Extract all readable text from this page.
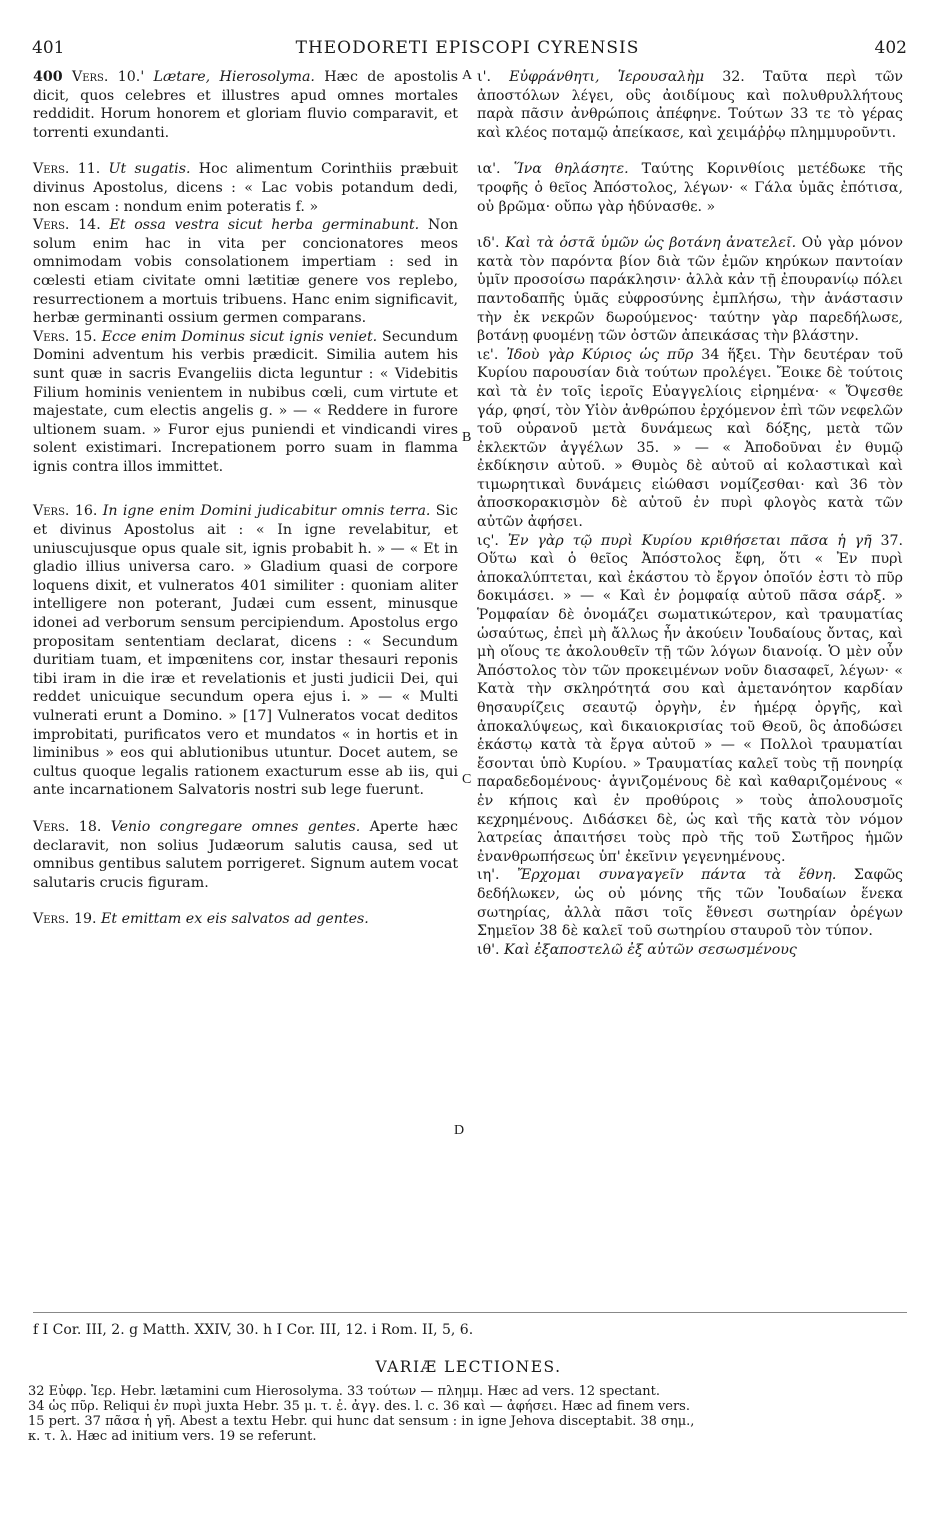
401	THEODORETI EPISCOPI CYRENSIS	402

400 Vers. 10.' Lætare, Hierosolyma. Hæc de apostolis dicit, quos celebres et illustres apud omnes mortales reddidit. Horum honorem et gloriam fluvio comparavit, et torrenti exundanti.

Vers. 11. Ut sugatis. Hoc alimentum Corinthiis præbuit divinus Apostolus, dicens : « Lac vobis potandum dedi, non escam : nondum enim poteratis f. »

Vers. 14. Et ossa vestra sicut herba germinabunt. Non solum enim hac in vita per concionatores meos omnimodam vobis consolationem impertiam : sed in cœlesti etiam civitate omni lætitiæ genere vos replebo, resurrectionem a mortuis tribuens. Hanc enim significavit, herbæ germinanti ossium germen comparans.

Vers. 15. Ecce enim Dominus sicut ignis veniet. Secundum Domini adventum his verbis prædicit. Similia autem his sunt quæ in sacris Evangeliis dicta leguntur : « Videbitis Filium hominis venientem in nubibus cœli, cum virtute et majestate, cum electis angelis g. » — « Reddere in furore ultionem suam. » Furor ejus puniendi et vindicandi vires solent existimari. Increpationem porro suam in flamma ignis contra illos immittet.

Vers. 16. In igne enim Domini judicabitur omnis terra. Sic et divinus Apostolus ait : « In igne revelabitur, et uniuscujusque opus quale sit, ignis probabit h. » — « Et in gladio illius universa caro. » Gladium quasi de corpore loquens dixit, et vulneratos 401 similiter : quoniam aliter intelligere non poterant, Judæi cum essent, minusque idonei ad verborum sensum percipiendum. Apostolus ergo propositam sententiam declarat, dicens : « Secundum duritiam tuam, et impœnitens cor, instar thesauri reponis tibi iram in die iræ et revelationis et justi judicii Dei, qui reddet unicuique secundum opera ejus i. » — « Multi vulnerati erunt a Domino. » [17] Vulneratos vocat deditos improbitati, purificatos vero et mundatos « in hortis et in liminibus » eos qui ablutionibus utuntur. Docet autem, se cultus quoque legalis rationem exacturum esse ab iis, qui ante incarnationem Salvatoris nostri sub lege fuerunt.

Vers. 18. Venio congregare omnes gentes. Aperte hæc declaravit, non solius Judæorum salutis causa, sed ut omnibus gentibus salutem porrigeret. Signum autem vocat salutaris crucis figuram.

Vers. 19. Et emittam ex eis salvatos ad gentes.

A
B
C
D

ι'. Εὐφράνθητι, Ἱερουσαλὴμ 32. Ταῦτα περὶ τῶν ἀποστόλων λέγει, οὓς ἀοιδίμους καὶ πολυθρυλλήτους παρὰ πᾶσιν ἀνθρώποις ἀπέφηνε. Τούτων 33 τε τὸ γέρας καὶ κλέος ποταμῷ ἀπείκασε, καὶ χειμάῤῥῳ πλημμυροῦντι.

ια'. Ἵνα θηλάσητε. Ταύτης Κορινθίοις μετέδωκε τῆς τροφῆς ὁ θεῖος Ἀπόστολος, λέγων· « Γάλα ὑμᾶς ἐπότισα, οὐ βρῶμα· οὔπω γὰρ ἠδύνασθε. »

ιδ'. Καὶ τὰ ὀστᾶ ὑμῶν ὡς βοτάνη ἀνατελεῖ. Οὐ γὰρ μόνον κατὰ τὸν παρόντα βίον διὰ τῶν ἐμῶν κηρύκων παντοίαν ὑμῖν προσοίσω παράκλησιν· ἀλλὰ κἀν τῇ ἐπουρανίῳ πόλει παντοδαπῆς ὑμᾶς εὐφροσύνης ἐμπλήσω, τὴν ἀνάστασιν τὴν ἐκ νεκρῶν δωρούμενος· ταύτην γὰρ παρεδήλωσε, βοτάνῃ φυομένῃ τῶν ὀστῶν ἀπεικάσας τὴν βλάστην.

ιε'. Ἰδοὺ γὰρ Κύριος ὡς πῦρ 34 ἥξει. Τὴν δευτέραν τοῦ Κυρίου παρουσίαν διὰ τούτων προλέγει. Ἔοικε δὲ τούτοις καὶ τὰ ἐν τοῖς ἱεροῖς Εὐαγγελίοις εἰρημένα· « Ὄψεσθε γάρ, φησί, τὸν Υἱὸν ἀνθρώπου ἐρχόμενον ἐπὶ τῶν νεφελῶν τοῦ οὐρανοῦ μετὰ δυνάμεως καὶ δόξης, μετὰ τῶν ἐκλεκτῶν ἀγγέλων 35. » — « Ἀποδοῦναι ἐν θυμῷ ἐκδίκησιν αὐτοῦ. » Θυμὸς δὲ αὐτοῦ αἱ κολαστικαὶ καὶ τιμωρητικαὶ δυνάμεις εἰώθασι νομίζεσθαι· καὶ 36 τὸν ἀποσκορακισμὸν δὲ αὐτοῦ ἐν πυρὶ φλογὸς κατὰ τῶν αὐτῶν ἀφήσει.

ις'. Ἐν γὰρ τῷ πυρὶ Κυρίου κριθήσεται πᾶσα ἡ γῆ 37. Οὕτω καὶ ὁ θεῖος Ἀπόστολος ἔφη, ὅτι « Ἐν πυρὶ ἀποκαλύπτεται, καὶ ἑκάστου τὸ ἔργον ὁποῖόν ἐστι τὸ πῦρ δοκιμάσει. » — « Καὶ ἐν ῥομφαίᾳ αὐτοῦ πᾶσα σάρξ. » Ῥομφαίαν δὲ ὀνομάζει σωματικώτερον, καὶ τραυματίας ὡσαύτως, ἐπεὶ μὴ ἄλλως ἦν ἀκούειν Ἰουδαίους ὄντας, καὶ μὴ οἵους τε ἀκολουθεῖν τῇ τῶν λόγων διανοίᾳ. Ὁ μὲν οὖν Ἀπόστολος τὸν τῶν προκειμένων νοῦν διασαφεῖ, λέγων· « Κατὰ τὴν σκληρότητά σου καὶ ἀμετανόητον καρδίαν θησαυρίζεις σεαυτῷ ὀργὴν, ἐν ἡμέρᾳ ὀργῆς, καὶ ἀποκαλύψεως, καὶ δικαιοκρισίας τοῦ Θεοῦ, ὃς ἀποδώσει ἑκάστῳ κατὰ τὰ ἔργα αὐτοῦ » — « Πολλοὶ τραυματίαι ἔσονται ὑπὸ Κυρίου. » Τραυματίας καλεῖ τοὺς τῇ πονηρίᾳ παραδεδομένους· ἁγνιζομένους δὲ καὶ καθαριζομένους « ἐν κήποις καὶ ἐν προθύροις » τοὺς ἀπολουσμοῖς κεχρημένους. Διδάσκει δὲ, ὡς καὶ τῆς κατὰ τὸν νόμον λατρείας ἀπαιτήσει τοὺς πρὸ τῆς τοῦ Σωτῆρος ἡμῶν ἐνανθρωπήσεως ὑπ' ἐκεῖνιν γεγενημένους.

ιη'. Ἔρχομαι συναγαγεῖν πάντα τὰ ἔθνη. Σαφῶς δεδήλωκεν, ὡς οὐ μόνης τῆς τῶν Ἰουδαίων ἕνεκα σωτηρίας, ἀλλὰ πᾶσι τοῖς ἔθνεσι σωτηρίαν ὀρέγων Σημεῖον 38 δὲ καλεῖ τοῦ σωτηρίου σταυροῦ τὸν τύπον.

ιθ'. Καὶ ἐξαποστελῶ ἐξ αὐτῶν σεσωσμένους

f I Cor. III, 2. g Matth. XXIV, 30. h I Cor. III, 12. i Rom. II, 5, 6.
VARIÆ LECTIONES.

32 Εὐφρ. Ἱερ. Hebr. lætamini cum Hierosolyma. 33 τούτων — πλημμ. Hæc ad vers. 12 spectant.

34 ὡς πῦρ. Reliqui ἐν πυρὶ juxta Hebr. 35 μ. τ. ἐ. ἀγγ. des. l. c. 36 καὶ — ἀφήσει. Hæc ad finem vers.

15 pert. 37 πᾶσα ἡ γῆ. Abest a textu Hebr. qui hunc dat sensum : in igne Jehova disceptabit. 38 σημ.,

κ. τ. λ. Hæc ad initium vers. 19 se referunt.
